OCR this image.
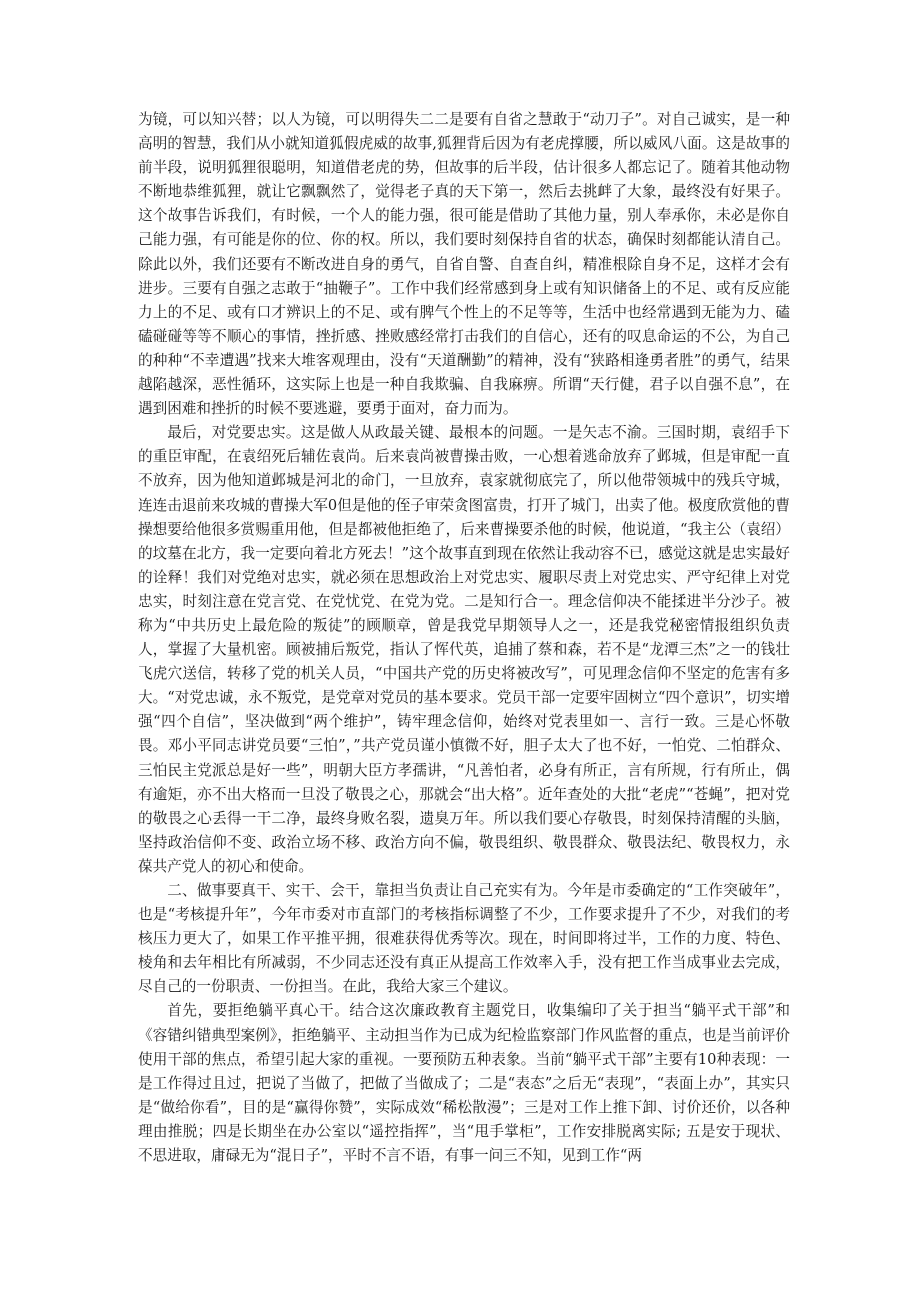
为镜，可以知兴替；以人为镜，可以明得失二二是要有自省之慧敢于“动刀子”。对自己诚实，是一种高明的智慧，我们从小就知道狐假虎威的故事,狐狸背后因为有老虎撑腰，所以威风八面。这是故事的前半段，说明狐狸很聪明，知道借老虎的势，但故事的后半段，估计很多人都忘记了。随着其他动物不断地恭维狐狸，就让它飘飘然了，觉得老子真的天下第一，然后去挑衅了大象，最终没有好果子。这个故事告诉我们，有时候，一个人的能力强，很可能是借助了其他力量，别人奉承你，未必是你自己能力强，有可能是你的位、你的权。所以，我们要时刻保持自省的状态，确保时刻都能认清自己。除此以外，我们还要有不断改进自身的勇气，自省自警、自查自纠，精准根除自身不足，这样才会有进步。三要有自强之志敢于“抽鞭子”。工作中我们经常感到身上或有知识储备上的不足、或有反应能力上的不足、或有口才辨识上的不足、或有脾气个性上的不足等等，生活中也经常遇到无能为力、磕磕碰碰等等不顺心的事情，挫折感、挫败感经常打击我们的自信心，还有的叹息命运的不公，为自己的种种“不幸遭遇”找来大堆客观理由，没有“天道酬勤”的精神，没有“狭路相逢勇者胜”的勇气，结果越陷越深，恶性循环，这实际上也是一种自我欺骗、自我麻痹。所谓“天行健，君子以自强不息”，在遇到困难和挫折的时候不要逃避，要勇于面对，奋力而为。

最后，对党要忠实。这是做人从政最关键、最根本的问题。一是矢志不渝。三国时期，袁绍手下的重臣审配，在袁绍死后辅佐袁尚。后来袁尚被曹操击败，一心想着逃命放弃了邺城，但是审配一直不放弃，因为他知道邺城是河北的命门，一旦放弃，袁家就彻底完了，所以他带领城中的残兵守城，连连击退前来攻城的曹操大军0但是他的侄子审荣贪图富贵，打开了城门，出卖了他。极度欣赏他的曹操想要给他很多赏赐重用他，但是都被他拒绝了，后来曹操要杀他的时候，他说道，“我主公（袁绍）的坟墓在北方，我一定要向着北方死去！”这个故事直到现在依然让我动容不已，感觉这就是忠实最好的诠释！我们对党绝对忠实，就必须在思想政治上对党忠实、履职尽责上对党忠实、严守纪律上对党忠实，时刻注意在党言党、在党忧党、在党为党。二是知行合一。理念信仰决不能揉进半分沙子。被称为“中共历史上最危险的叛徒”的顾顺章，曾是我党早期领导人之一，还是我党秘密情报组织负责人，掌握了大量机密。顾被捕后叛党，指认了恽代英，追捕了蔡和森，若不是“龙潭三杰”之一的钱壮飞虎穴送信，转移了党的机关人员，“中国共产党的历史将被改写”，可见理念信仰不坚定的危害有多大。“对党忠诚，永不叛党，是党章对党员的基本要求。党员干部一定要牢固树立“四个意识”，切实增强“四个自信”，坚决做到“两个维护”，铸牢理念信仰，始终对党表里如一、言行一致。三是心怀敬畏。邓小平同志讲党员要“三怕”，”共产党员谨小慎微不好，胆子太大了也不好，一怕党、二怕群众、三怕民主党派总是好一些”，明朝大臣方孝孺讲，“凡善怕者，必身有所正，言有所规，行有所止，偶有逾矩，亦不出大格而一旦没了敬畏之心，那就会“出大格”。近年查处的大批“老虎”“苍蝇”，把对党的敬畏之心丢得一干二净，最终身败名裂，遗臭万年。所以我们要心存敬畏，时刻保持清醒的头脑，坚持政治信仰不变、政治立场不移、政治方向不偏，敬畏组织、敬畏群众、敬畏法纪、敬畏权力，永葆共产党人的初心和使命。

二、做事要真干、实干、会干，靠担当负责让自己充实有为。今年是市委确定的“工作突破年”，也是“考核提升年”，今年市委对市直部门的考核指标调整了不少，工作要求提升了不少，对我们的考核压力更大了，如果工作平推平拥，很难获得优秀等次。现在，时间即将过半，工作的力度、特色、棱角和去年相比有所减弱，不少同志还没有真正从提高工作效率入手，没有把工作当成事业去完成，尽自己的一份职责、一份担当。在此，我给大家三个建议。

首先，要拒绝躺平真心干。结合这次廉政教育主题党日，收集编印了关于担当“躺平式干部”和《容错纠错典型案例》，拒绝躺平、主动担当作为已成为纪检监察部门作风监督的重点，也是当前评价使用干部的焦点，希望引起大家的重视。一要预防五种表象。当前“躺平式干部”主要有10种表现：一是工作得过且过，把说了当做了，把做了当做成了；二是“表态”之后无“表现”，“表面上办”，其实只是“做给你看”，目的是“赢得你赞”，实际成效“稀松散漫”；三是对工作上推下卸、讨价还价，以各种理由推脱；四是长期坐在办公室以“遥控指挥”，当“甩手掌柜”，工作安排脱离实际; 五是安于现状、不思进取，庸碌无为“混日子”，平时不言不语，有事一问三不知，见到工作“两
